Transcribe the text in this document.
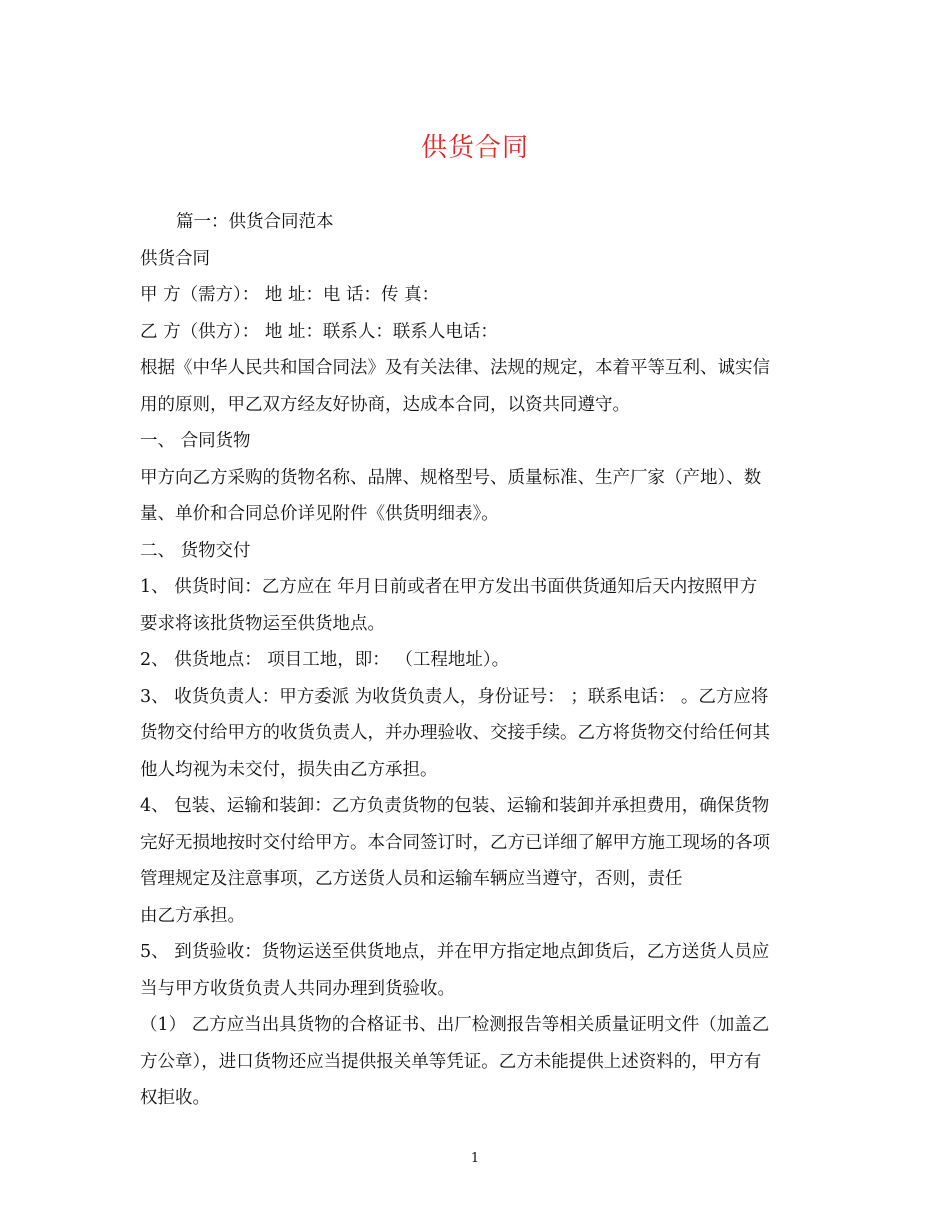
供货合同
篇一：供货合同范本
供货合同
甲 方（需方）： 地 址：电 话：传 真：
乙 方（供方）： 地 址：联系人：联系人电话：
根据《中华人民共和国合同法》及有关法律、法规的规定，本着平等互利、诚实信
用的原则，甲乙双方经友好协商，达成本合同，以资共同遵守。
一、 合同货物
甲方向乙方采购的货物名称、品牌、规格型号、质量标准、生产厂家（产地）、数
量、单价和合同总价详见附件《供货明细表》。
二、 货物交付
1、 供货时间：乙方应在 年月日前或者在甲方发出书面供货通知后天内按照甲方
要求将该批货物运至供货地点。
2、 供货地点： 项目工地，即： （工程地址）。
3、 收货负责人：甲方委派 为收货负责人，身份证号： ；联系电话： 。乙方应将
货物交付给甲方的收货负责人，并办理验收、交接手续。乙方将货物交付给任何其
他人均视为未交付，损失由乙方承担。
4、 包装、运输和装卸：乙方负责货物的包装、运输和装卸并承担费用，确保货物
完好无损地按时交付给甲方。本合同签订时，乙方已详细了解甲方施工现场的各项
管理规定及注意事项，乙方送货人员和运输车辆应当遵守，否则，责任
由乙方承担。
5、 到货验收：货物运送至供货地点，并在甲方指定地点卸货后，乙方送货人员应
当与甲方收货负责人共同办理到货验收。
（1） 乙方应当出具货物的合格证书、出厂检测报告等相关质量证明文件（加盖乙
方公章），进口货物还应当提供报关单等凭证。乙方未能提供上述资料的，甲方有
权拒收。
1
